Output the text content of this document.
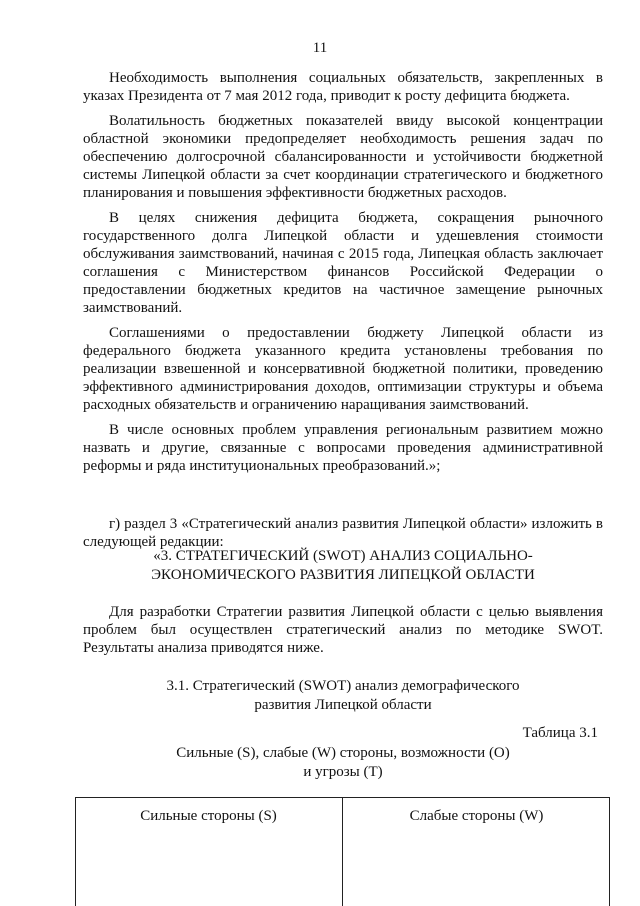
11

Необходимость выполнения социальных обязательств, закрепленных в указах Президента от 7 мая 2012 года, приводит к росту дефицита бюджета.

Волатильность бюджетных показателей ввиду высокой концентрации областной экономики предопределяет необходимость решения задач по обеспечению долгосрочной сбалансированности и устойчивости бюджетной системы Липецкой области за счет координации стратегического и бюджетного планирования и повышения эффективности бюджетных расходов.

В целях снижения дефицита бюджета, сокращения рыночного государственного долга Липецкой области и удешевления стоимости обслуживания заимствований, начиная с 2015 года, Липецкая область заключает соглашения с Министерством финансов Российской Федерации о предоставлении бюджетных кредитов на частичное замещение рыночных заимствований.

Соглашениями о предоставлении бюджету Липецкой области из федерального бюджета указанного кредита установлены требования по реализации взвешенной и консервативной бюджетной политики, проведению эффективного администрирования доходов, оптимизации структуры и объема расходных обязательств и ограничению наращивания заимствований.

В числе основных проблем управления региональным развитием можно назвать и другие, связанные с вопросами проведения административной реформы и ряда институциональных преобразований.»;

г) раздел 3 «Стратегический анализ развития Липецкой области» изложить в следующей редакции:

«3. СТРАТЕГИЧЕСКИЙ (SWOT) АНАЛИЗ СОЦИАЛЬНО-
ЭКОНОМИЧЕСКОГО РАЗВИТИЯ ЛИПЕЦКОЙ ОБЛАСТИ

Для разработки Стратегии развития Липецкой области с целью выявления проблем был осуществлен стратегический анализ по методике SWOT. Результаты анализа приводятся ниже.

3.1. Стратегический (SWOT) анализ демографического
развития Липецкой области
Таблица 3.1
Сильные (S), слабые (W) стороны, возможности (O)
и угрозы (T)
Сильные стороны (S)	Слабые стороны (W)
